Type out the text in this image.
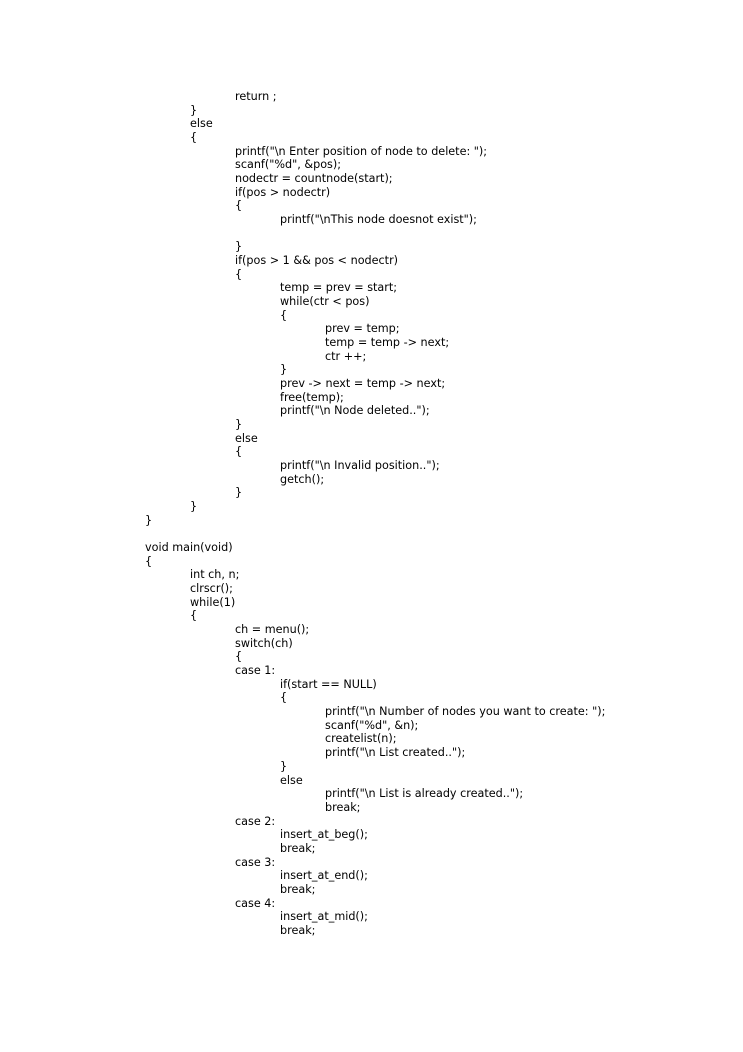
return ;
}
else
{
printf("\n Enter position of node to delete: ");
scanf("%d", &pos);
nodectr = countnode(start);
if(pos > nodectr)
{
printf("\nThis node doesnot exist");
}
if(pos > 1 && pos < nodectr)
{
temp = prev = start;
while(ctr < pos)
{
prev = temp;
temp = temp -> next;
ctr ++;
}
prev -> next = temp -> next;
free(temp);
printf("\n Node deleted..");
}
else
{
printf("\n Invalid position..");
getch();
}
}
}
void main(void)
{
int ch, n;
clrscr();
while(1)
{
ch = menu();
switch(ch)
{
case 1:
if(start == NULL)
{
printf("\n Number of nodes you want to create: ");
scanf("%d", &n);
createlist(n);
printf("\n List created..");
}
else
printf("\n List is already created..");
break;
case 2:
insert_at_beg();
break;
case 3:
insert_at_end();
break;
case 4:
insert_at_mid();
break;
